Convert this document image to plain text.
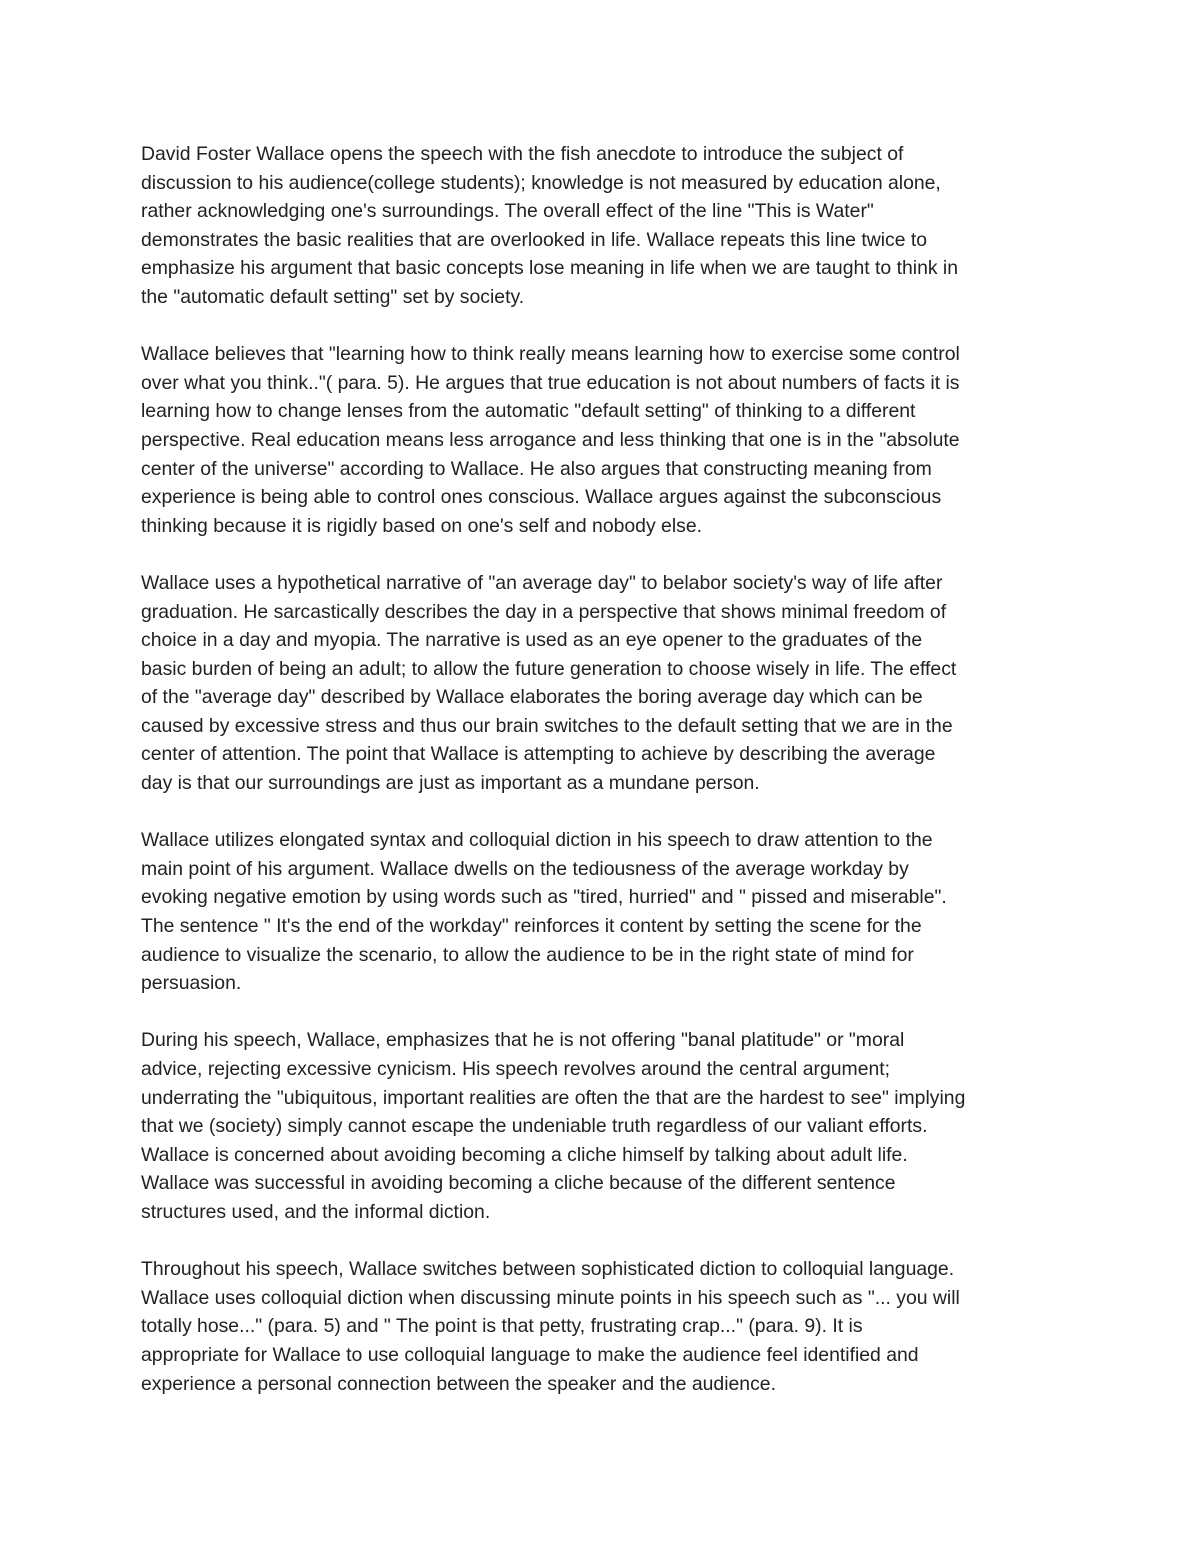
David Foster Wallace opens the speech with the fish anecdote to introduce the subject of
discussion to his audience(college students); knowledge is not measured by education alone,
rather acknowledging one's surroundings. The overall effect of the line "This is Water"
demonstrates the basic realities that are overlooked in life. Wallace repeats this line twice to
emphasize his argument that basic concepts lose meaning in life when we are taught to think in
the "automatic default setting" set by society.

Wallace believes that "learning how to think really means learning how to exercise some control
over what you think.."( para. 5). He argues that true education is not about numbers of facts it is
learning how to change lenses from the automatic "default setting" of thinking to a different
perspective. Real education means less arrogance and less thinking that one is in the "absolute
center of the universe" according to Wallace. He also argues that constructing meaning from
experience is being able to control ones conscious. Wallace argues against the subconscious
thinking because it is rigidly based on one's self and nobody else.

Wallace uses a hypothetical narrative of "an average day" to belabor society's way of life after
graduation. He sarcastically describes the day in a perspective that shows minimal freedom of
choice in a day and myopia. The narrative is used as an eye opener to the graduates of the
basic burden of being an adult; to allow the future generation to choose wisely in life. The effect
of the "average day" described by Wallace elaborates the boring average day which can be
caused by excessive stress and thus our brain switches to the default setting that we are in the
center of attention. The point that Wallace is attempting to achieve by describing the average
day is that our surroundings are just as important as a mundane person.

Wallace utilizes elongated syntax and colloquial diction in his speech to draw attention to the
main point of his argument. Wallace dwells on the tediousness of the average workday by
evoking negative emotion by using words such as "tired, hurried" and " pissed and miserable".
The sentence " It's the end of the workday" reinforces it content by setting the scene for the
audience to visualize the scenario, to allow the audience to be in the right state of mind for
persuasion.

During his speech, Wallace, emphasizes that he is not offering "banal platitude" or "moral
advice, rejecting excessive cynicism. His speech revolves around the central argument;
underrating the "ubiquitous, important realities are often the that are the hardest to see" implying
that we (society) simply cannot escape the undeniable truth regardless of our valiant efforts.
Wallace is concerned about avoiding becoming a cliche himself by talking about adult life.
Wallace was successful in avoiding becoming a cliche because of the different sentence
structures used, and the informal diction.

Throughout his speech, Wallace switches between sophisticated diction to colloquial language.
Wallace uses colloquial diction when discussing minute points in his speech such as "... you will
totally hose..." (para. 5) and " The point is that petty, frustrating crap..." (para. 9). It is
appropriate for Wallace to use colloquial language to make the audience feel identified and
experience a personal connection between the speaker and the audience.
